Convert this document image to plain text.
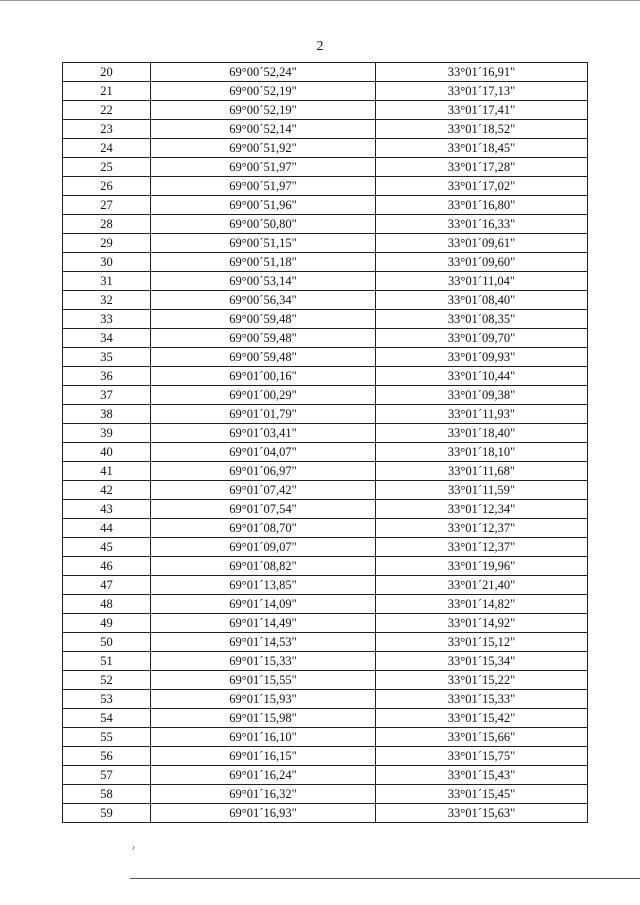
2
20	69°00´52,24"	33°01´16,91"
21	69°00´52,19"	33°01´17,13"
22	69°00´52,19"	33°01´17,41"
23	69°00´52,14"	33°01´18,52"
24	69°00´51,92"	33°01´18,45"
25	69°00´51,97"	33°01´17,28"
26	69°00´51,97"	33°01´17,02"
27	69°00´51,96"	33°01´16,80"
28	69°00´50,80"	33°01´16,33"
29	69°00´51,15"	33°01´09,61"
30	69°00´51,18"	33°01´09,60"
31	69°00´53,14"	33°01´11,04"
32	69°00´56,34"	33°01´08,40"
33	69°00´59,48"	33°01´08,35"
34	69°00´59,48"	33°01´09,70"
35	69°00´59,48"	33°01´09,93"
36	69°01´00,16"	33°01´10,44"
37	69°01´00,29"	33°01´09,38"
38	69°01´01,79"	33°01´11,93"
39	69°01´03,41"	33°01´18,40"
40	69°01´04,07"	33°01´18,10"
41	69°01´06,97"	33°01´11,68"
42	69°01´07,42"	33°01´11,59"
43	69°01´07,54"	33°01´12,34"
44	69°01´08,70"	33°01´12,37"
45	69°01´09,07"	33°01´12,37"
46	69°01´08,82"	33°01´19,96"
47	69°01´13,85"	33°01´21,40"
48	69°01´14,09"	33°01´14,82"
49	69°01´14,49"	33°01´14,92"
50	69°01´14,53"	33°01´15,12"
51	69°01´15,33"	33°01´15,34"
52	69°01´15,55"	33°01´15,22"
53	69°01´15,93"	33°01´15,33"
54	69°01´15,98"	33°01´15,42"
55	69°01´16,10"	33°01´15,66"
56	69°01´16,15"	33°01´15,75"
57	69°01´16,24"	33°01´15,43"
58	69°01´16,32"	33°01´15,45"
59	69°01´16,93"	33°01´15,63"
